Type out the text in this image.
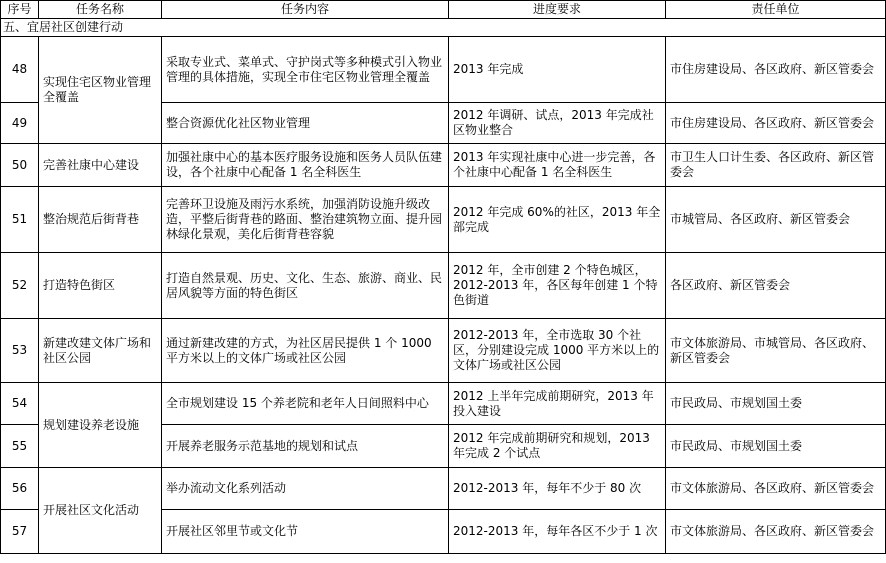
序号	任务名称	任务内容	进度要求	责任单位
五、宜居社区创建行动				
48	实现住宅区物业管理全覆盖	采取专业式、菜单式、守护岗式等多种模式引入物业管理的具体措施，实现全市住宅区物业管理全覆盖	2013 年完成	市住房建设局、各区政府、新区管委会
49		整合资源优化社区物业管理	2012 年调研、试点，2013 年完成社区物业整合	市住房建设局、各区政府、新区管委会
50	完善社康中心建设	加强社康中心的基本医疗服务设施和医务人员队伍建设，各个社康中心配备 1 名全科医生	2013 年实现社康中心进一步完善，各个社康中心配备 1 名全科医生	市卫生人口计生委、各区政府、新区管委会
51	整治规范后街背巷	完善环卫设施及雨污水系统，加强消防设施升级改造，平整后街背巷的路面、整治建筑物立面、提升园林绿化景观，美化后街背巷容貌	2012 年完成 60%的社区，2013 年全部完成	市城管局、各区政府、新区管委会
52	打造特色街区	打造自然景观、历史、文化、生态、旅游、商业、民居风貌等方面的特色街区	2012 年，全市创建 2 个特色城区，2012-2013 年，各区每年创建 1 个特色街道	各区政府、新区管委会
53	新建改建文体广场和社区公园	通过新建改建的方式，为社区居民提供 1 个 1000 平方米以上的文体广场或社区公园	2012-2013 年，全市选取 30 个社区，分别建设完成 1000 平方米以上的文体广场或社区公园	市文体旅游局、市城管局、各区政府、新区管委会
54	规划建设养老设施	全市规划建设 15 个养老院和老年人日间照料中心	2012 上半年完成前期研究，2013 年投入建设	市民政局、市规划国土委
55		开展养老服务示范基地的规划和试点	2012 年完成前期研究和规划，2013 年完成 2 个试点	市民政局、市规划国土委
56	开展社区文化活动	举办流动文化系列活动	2012-2013 年，每年不少于 80 次	市文体旅游局、各区政府、新区管委会
57		开展社区邻里节或文化节	2012-2013 年，每年各区不少于 1 次	市文体旅游局、各区政府、新区管委会
